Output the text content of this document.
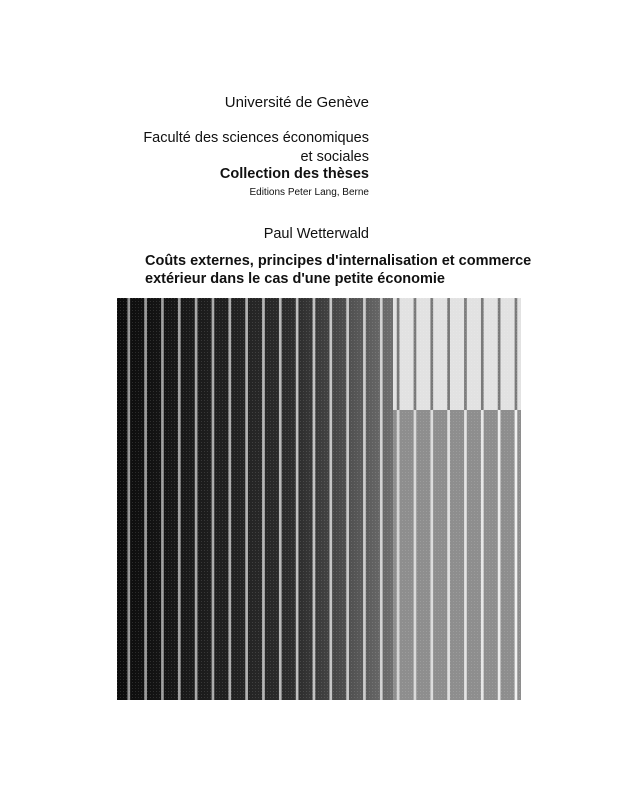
Université de Genève
Faculté des sciences économiques
et sociales
Collection des thèses
Editions Peter Lang, Berne
Paul Wetterwald
Coûts externes, principes d'internalisation et commerce
extérieur dans le cas d'une petite économie
